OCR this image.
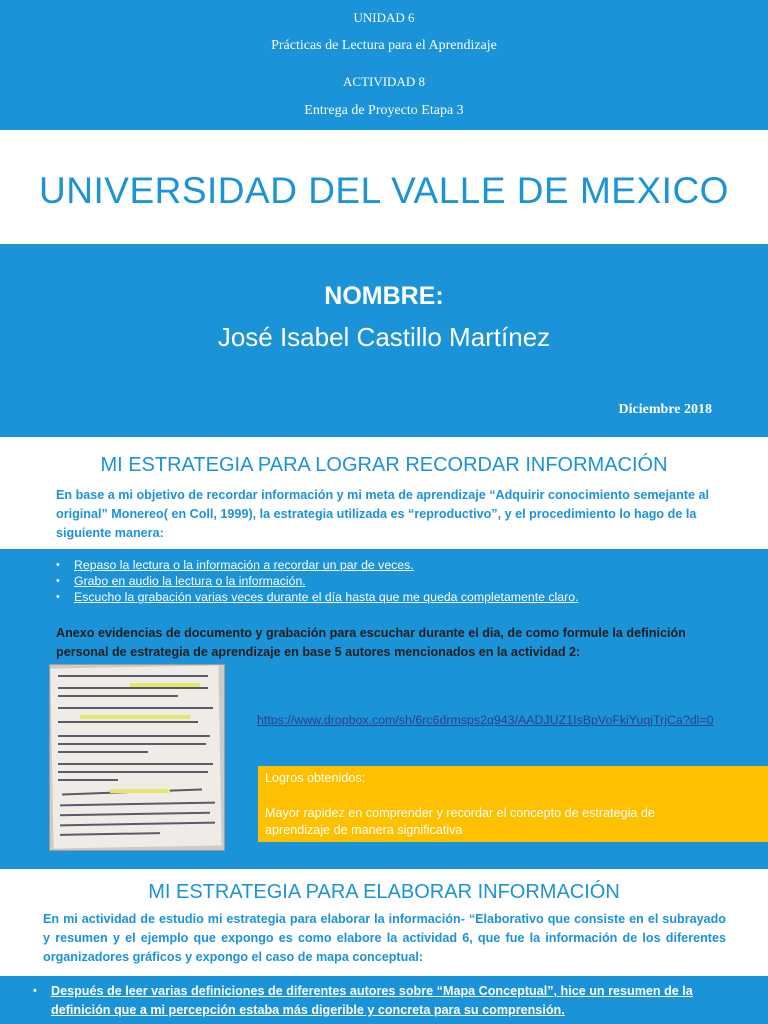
UNIDAD 6
Prácticas de Lectura para el Aprendizaje
ACTIVIDAD 8
Entrega de Proyecto Etapa 3
UNIVERSIDAD DEL VALLE DE MEXICO
NOMBRE:
José Isabel Castillo Martínez
Diciembre 2018
MI ESTRATEGIA PARA LOGRAR RECORDAR INFORMACIÓN
En base a mi objetivo de recordar información y mi meta de aprendizaje “Adquirir conocimiento semejante al original” Monereo( en Coll, 1999), la estrategia utilizada es “reproductivo”, y el procedimiento lo hago de la siguiente manera:
• Repaso la lectura o la información a recordar un par de veces.
• Grabo en audio la lectura o la información.
• Escucho la grabación varias veces durante el día hasta que me queda completamente claro.
Anexo evidencias de documento y grabación para escuchar durante el dia, de como formule la definición personal de estrategia de aprendizaje en base 5 autores mencionados en la actividad 2:
https://www.dropbox.com/sh/6rc6drmsps2q943/AADJUZ1IsBpVoFkiYuqjTrjCa?dl=0
Logros obtenidos:
Mayor rapidez en comprender y recordar el concepto de estrategia de aprendizaje de manera significativa
MI ESTRATEGIA PARA ELABORAR INFORMACIÓN
En mi actividad de estudio mi estrategia para elaborar la información- “Elaborativo que consiste en el subrayado y resumen y el ejemplo que expongo es como elabore la actividad 6, que fue la información de los diferentes organizadores gráficos y expongo el caso de mapa conceptual:
•	Después de leer varias definiciones de diferentes autores sobre “Mapa Conceptual”, hice un resumen de la definición que a mi percepción estaba más digerible y concreta para su comprensión.
